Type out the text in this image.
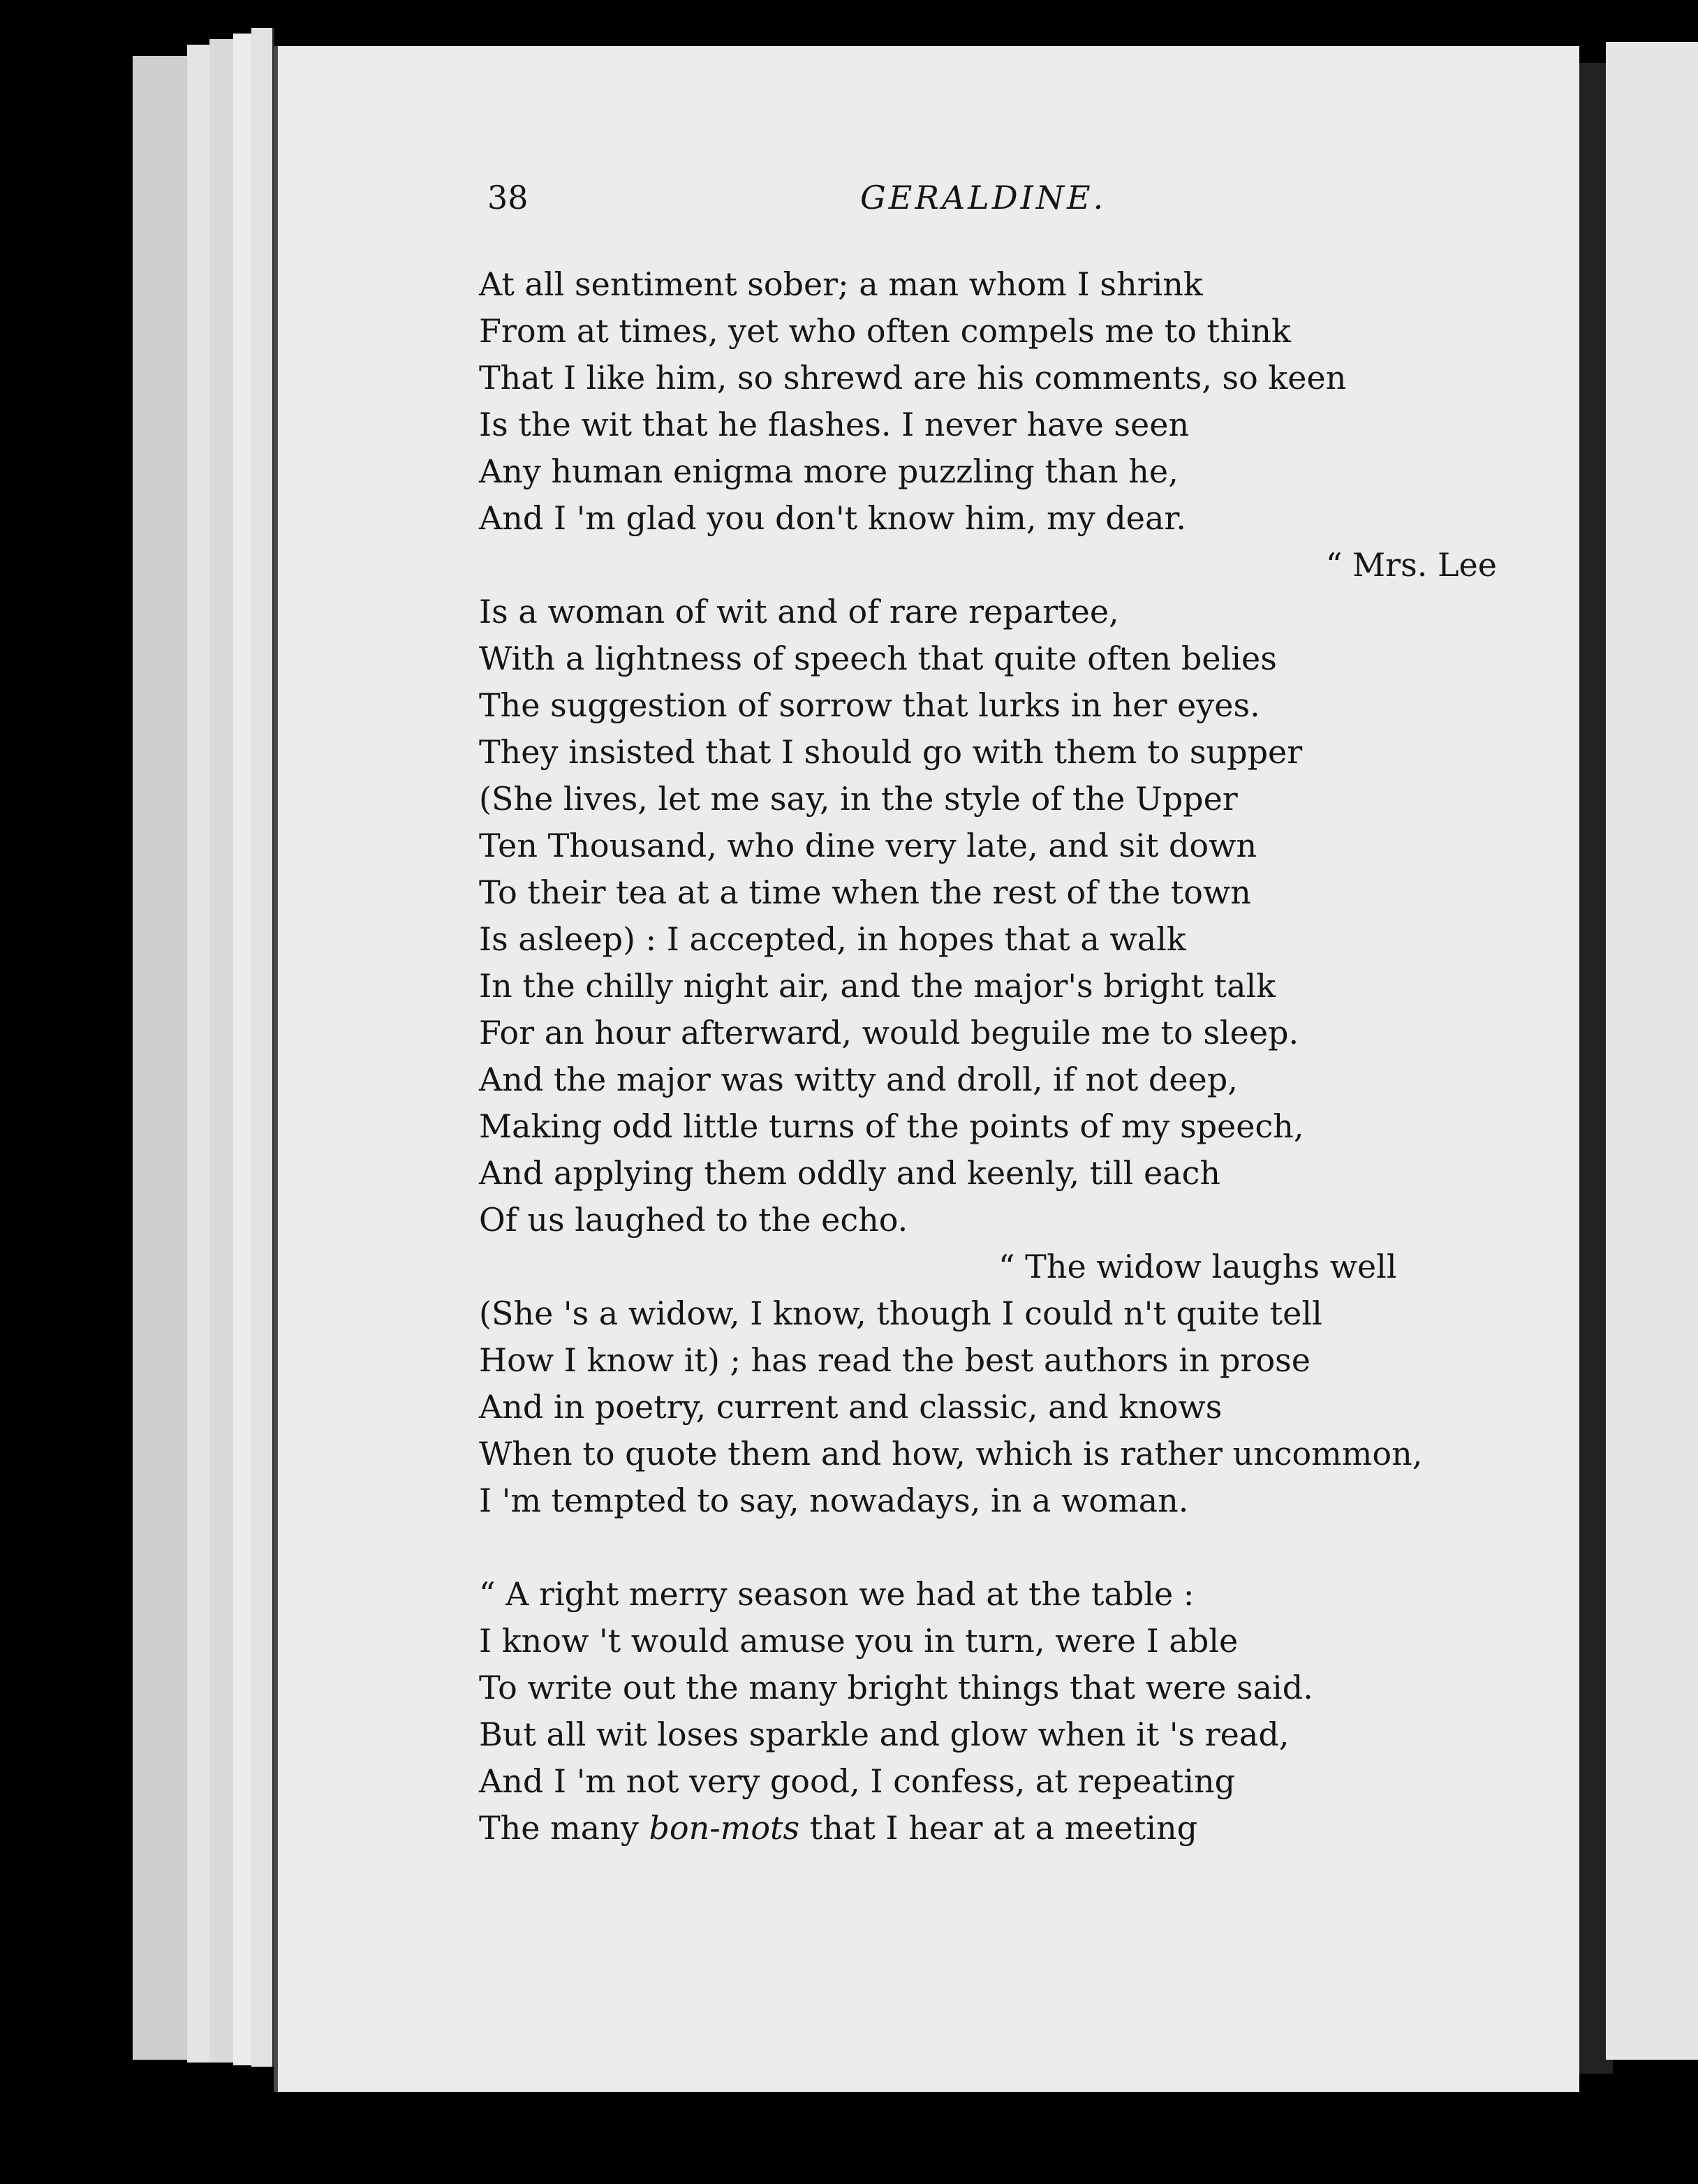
38	GERALDINE.
At all sentiment sober; a man whom I shrink
From at times, yet who often compels me to think
That I like him, so shrewd are his comments, so keen
Is the wit that he flashes. I never have seen
Any human enigma more puzzling than he,
And I 'm glad you don't know him, my dear.
“ Mrs. Lee
Is a woman of wit and of rare repartee,
With a lightness of speech that quite often belies
The suggestion of sorrow that lurks in her eyes.
They insisted that I should go with them to supper
(She lives, let me say, in the style of the Upper
Ten Thousand, who dine very late, and sit down
To their tea at a time when the rest of the town
Is asleep) : I accepted, in hopes that a walk
In the chilly night air, and the major's bright talk
For an hour afterward, would beguile me to sleep.
And the major was witty and droll, if not deep,
Making odd little turns of the points of my speech,
And applying them oddly and keenly, till each
Of us laughed to the echo.
“ The widow laughs well
(She 's a widow, I know, though I could n't quite tell
How I know it) ; has read the best authors in prose
And in poetry, current and classic, and knows
When to quote them and how, which is rather uncommon,
I 'm tempted to say, nowadays, in a woman.
“ A right merry season we had at the table :
I know 't would amuse you in turn, were I able
To write out the many bright things that were said.
But all wit loses sparkle and glow when it 's read,
And I 'm not very good, I confess, at repeating
The many bon-mots that I hear at a meeting
